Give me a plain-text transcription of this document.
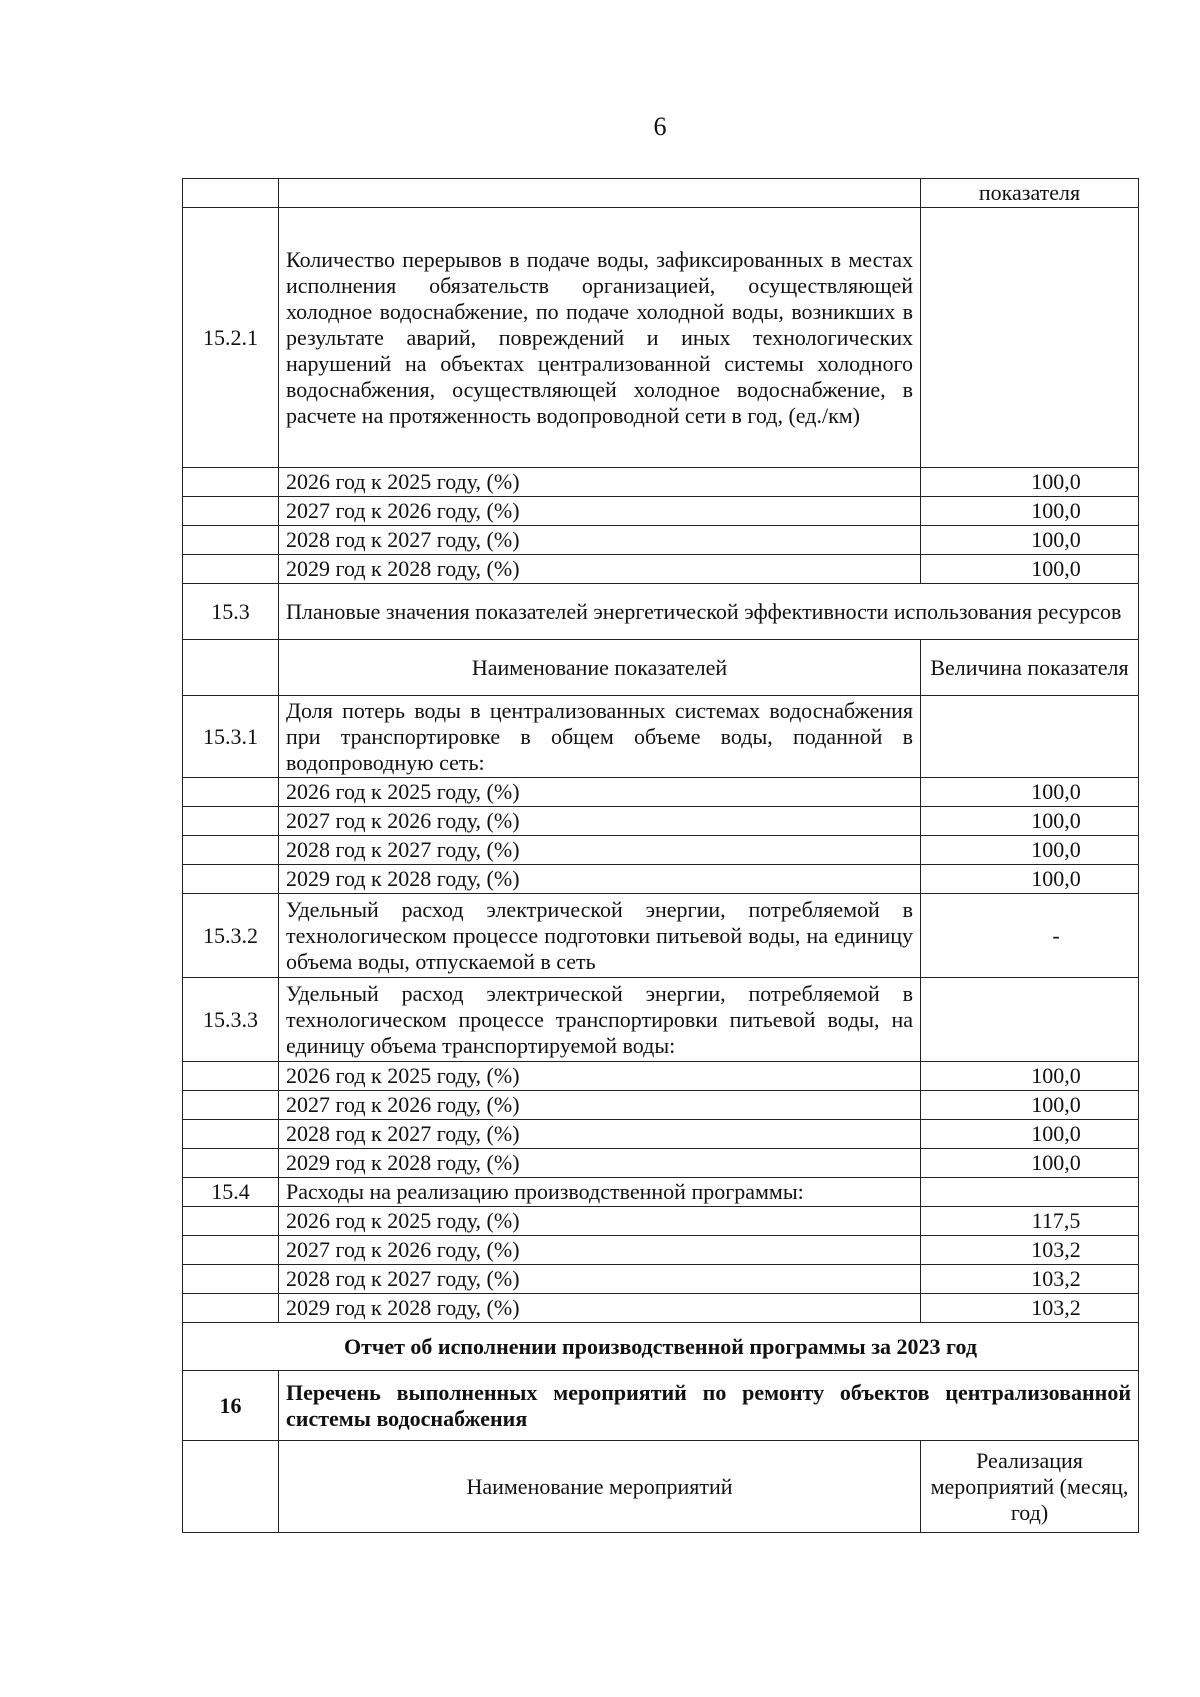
6
		показателя
15.2.1	Количество перерывов в подаче воды, зафиксированных в местах исполнения обязательств организацией, осуществляющей холодное водоснабжение, по подаче холодной воды, возникших в результате аварий, повреждений и иных технологических нарушений на объектах централизованной системы холодного водоснабжения, осуществляющей холодное водоснабжение, в расчете на протяженность водопроводной сети в год, (ед./км)	
	2026 год к 2025 году, (%)	100,0
	2027 год к 2026 году, (%)	100,0
	2028 год к 2027 году, (%)	100,0
	2029 год к 2028 году, (%)	100,0
15.3	Плановые значения показателей энергетической эффективности использования ресурсов	
	Наименование показателей	Величина показателя
15.3.1	Доля потерь воды в централизованных системах водоснабжения при транспортировке в общем объеме воды, поданной в водопроводную сеть:	
	2026 год к 2025 году, (%)	100,0
	2027 год к 2026 году, (%)	100,0
	2028 год к 2027 году, (%)	100,0
	2029 год к 2028 году, (%)	100,0
15.3.2	Удельный расход электрической энергии, потребляемой в технологическом процессе подготовки питьевой воды, на единицу объема воды, отпускаемой в сеть	-
15.3.3	Удельный расход электрической энергии, потребляемой в технологическом процессе транспортировки питьевой воды, на единицу объема транспортируемой воды:	
	2026 год к 2025 году, (%)	100,0
	2027 год к 2026 году, (%)	100,0
	2028 год к 2027 году, (%)	100,0
	2029 год к 2028 году, (%)	100,0
15.4	Расходы на реализацию производственной программы:	
	2026 год к 2025 году, (%)	117,5
	2027 год к 2026 году, (%)	103,2
	2028 год к 2027 году, (%)	103,2
	2029 год к 2028 году, (%)	103,2
Отчет об исполнении производственной программы за 2023 год		
16	Перечень выполненных мероприятий по ремонту объектов централизованной системы водоснабжения	
	Наименование мероприятий	Реализация мероприятий (месяц, год)
